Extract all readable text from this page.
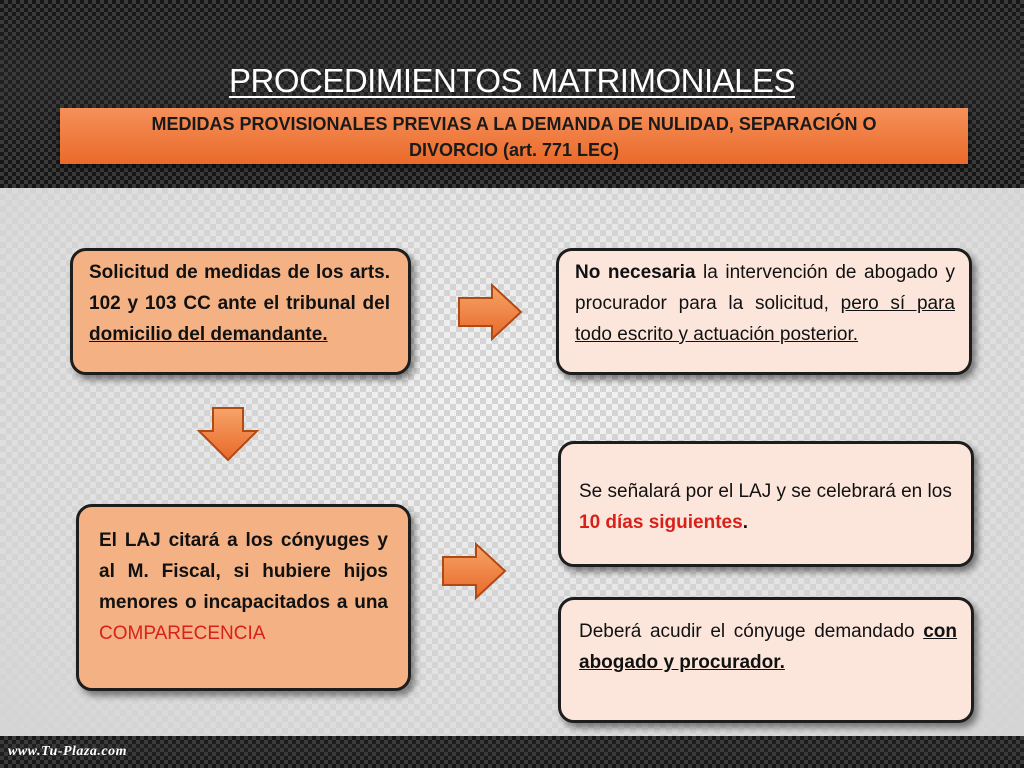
www.Tu-Plaza.com
PROCEDIMIENTOS MATRIMONIALES
MEDIDAS PROVISIONALES PREVIAS A LA DEMANDA DE NULIDAD, SEPARACIÓN O
DIVORCIO (art. 771 LEC)

Solicitud de medidas de los arts. 102 y 103 CC ante el tribunal del domicilio del demandante.

No necesaria la intervención de abogado y procurador para la solicitud, pero sí para todo escrito y actuación posterior.

El LAJ citará a los cónyuges y al M. Fiscal, si hubiere hijos menores o incapacitados a una COMPARECENCIA

Se señalará por el LAJ y se celebrará en los 10 días siguientes.

Deberá acudir el cónyuge demandado con abogado y procurador.
